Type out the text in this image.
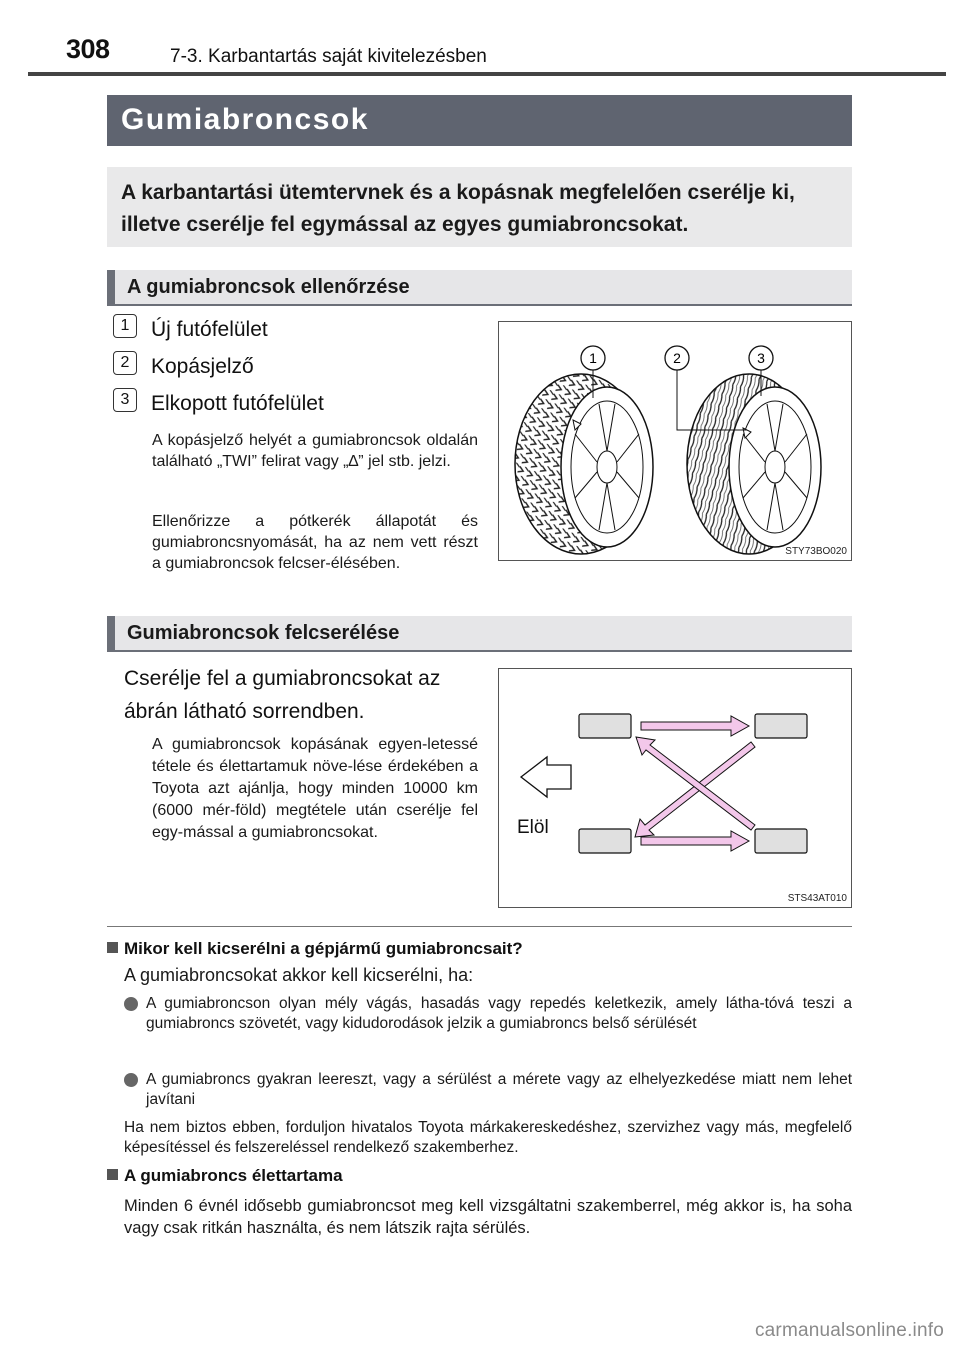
308	7-3. Karbantartás saját kivitelezésben
Gumiabroncsok
A karbantartási ütemtervnek és a kopásnak megfelelően cserélje ki, illetve cserélje fel egymással az egyes gumiabroncsokat.
A gumiabroncsok ellenőrzése
1 Új futófelület
2 Kopásjelző
3 Elkopott futófelület
A kopásjelző helyét a gumiabroncsok oldalán található „TWI” felirat vagy „∆” jel stb. jelzi.
Ellenőrizze a pótkerék állapotát és gumiabroncsnyomását, ha az nem vett részt a gumiabroncsok felcser-élésében.
1	2	3
STY73BO020
Gumiabroncsok felcserélése
Cserélje fel a gumiabroncsokat az ábrán látható sorrendben.
A gumiabroncsok kopásának egyen-letessé tétele és élettartamuk növe-lése érdekében a Toyota azt ajánlja, hogy minden 10000 km (6000 mér-föld) megtétele után cserélje fel egy-mással a gumiabroncsokat.	Elöl
STS43AT010
Mikor kell kicserélni a gépjármű gumiabroncsait?
A gumiabroncsokat akkor kell kicserélni, ha:
A gumiabroncson olyan mély vágás, hasadás vagy repedés keletkezik, amely látha-tóvá teszi a gumiabroncs szövetét, vagy kidudorodások jelzik a gumiabroncs belső sérülését
A gumiabroncs gyakran leereszt, vagy a sérülést a mérete vagy az elhelyezkedése miatt nem lehet javítani
Ha nem biztos ebben, forduljon hivatalos Toyota márkakereskedéshez, szervizhez vagy más, megfelelő képesítéssel és felszereléssel rendelkező szakemberhez.
A gumiabroncs élettartama
Minden 6 évnél idősebb gumiabroncsot meg kell vizsgáltatni szakemberrel, még akkor is, ha soha vagy csak ritkán használta, és nem látszik rajta sérülés.
carmanualsonline.info
